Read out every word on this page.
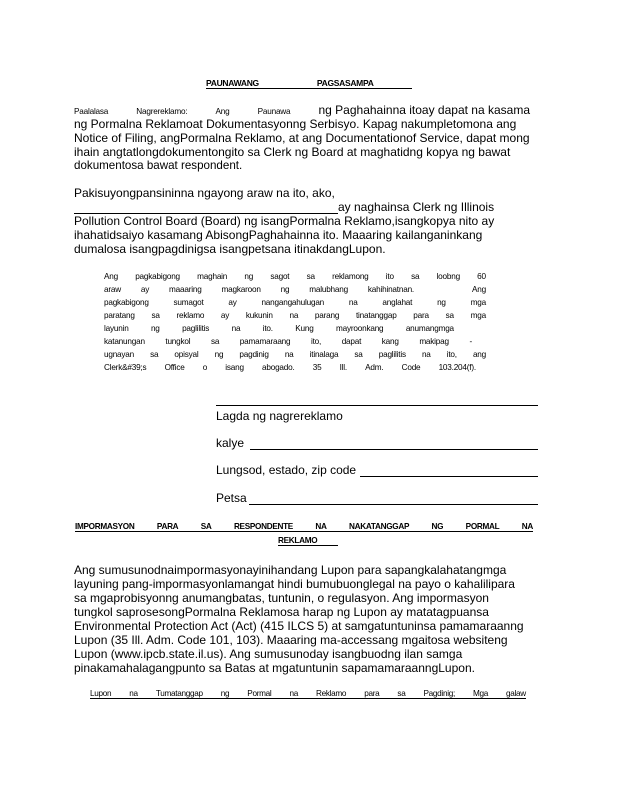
PAUNAWANG	PAGSASAMPA
Paalalasa	Nagrereklamo:	Ang	Paunawa ng Paghahainna itoay dapat na kasama
ng Pormalna Reklamoat Dokumentasyonng Serbisyo. Kapag nakumpletomona ang
Notice of Filing, angPormalna Reklamo, at ang Documentationof Service, dapat mong
ihain angtatlongdokumentongito sa Clerk ng Board at maghatidng kopya ng bawat
dokumentosa bawat respondent.
Pakisuyongpansininna ngayong araw na ito, ako,
ay naghainsa Clerk ng Illinois
Pollution Control Board (Board) ng isangPormalna Reklamo,isangkopya nito ay
ihahatidsaiyo kasamang AbisongPaghahainna ito. Maaaring kailanganinkang
dumalosa isangpagdinigsa isangpetsana itinakdangLupon.
Ang pagkabigong maghain ng sagot sa reklamong ito sa loobng 60
araw ay maaaring magkaroon ng malubhang kahihinatnan.	Ang
pagkabigong	sumagot	ay	nangangahulugan	na	anglahat	ng	mga
paratang sa reklamo ay kukunin na parang tinatanggap para sa mga
layunin	ng	paglilitis	na	ito.	Kung	mayroonkang	anumangmga
katanungan	tungkol	sa	pamamaraang	ito,	dapat	kang	makipag	-
ugnayan sa opisyal ng pagdinig na itinalaga sa paglilitis na ito, ang
Clerk&#39;s Office o isang abogado. 35 Ill. Adm. Code 103.204(f).
Lagda ng nagrereklamo
kalye
Lungsod, estado, zip code
Petsa
IMPORMASYON	PARA	SA	RESPONDENTE	NA	NAKATANGGAP	NG	PORMAL	NA
REKLAMO
Ang sumusunodnaimpormasyonayinihandang Lupon para sapangkalahatangmga
layuning pang-impormasyonlamangat hindi bumubuonglegal na payo o kahalilipara
sa mgaprobisyonng anumangbatas, tuntunin, o regulasyon. Ang impormasyon
tungkol saprosesongPormalna Reklamosa harap ng Lupon ay matatagpuansa
Environmental Protection Act (Act) (415 ILCS 5) at samgatuntuninsa pamamaraanng
Lupon (35 Ill. Adm. Code 101, 103). Maaaring ma-accessang mgaitosa websiteng
Lupon (www.ipcb.state.il.us). Ang sumusunoday isangbuodng ilan samga
pinakamahalagangpunto sa Batas at mgatuntunin sapamamaraanngLupon.
Lupon na Tumatanggap ng Pormal na Reklamo para sa Pagdinig; Mga galaw
